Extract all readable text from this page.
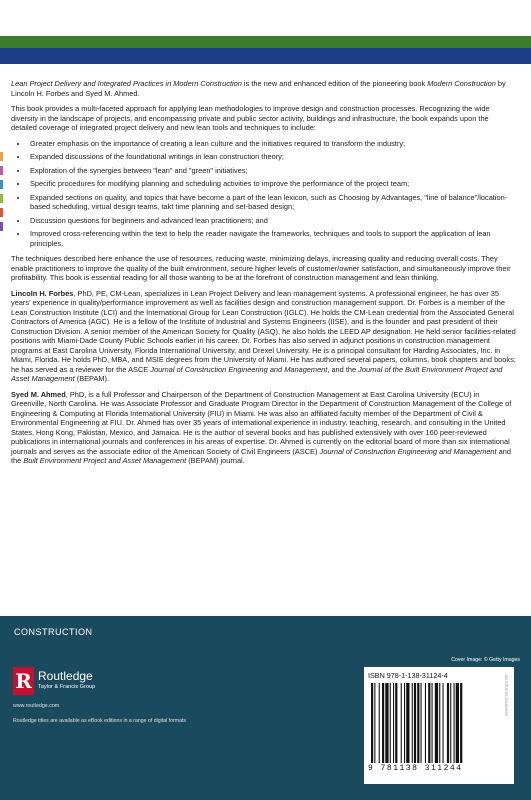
Lean Project Delivery and Integrated Practices in Modern Construction is the new and enhanced edition of the pioneering book Modern Construction by Lincoln H. Forbes and Syed M. Ahmed.

This book provides a multi-faceted approach for applying lean methodologies to improve design and construction processes. Recognizing the wide diversity in the landscape of projects, and encompassing private and public sector activity, buildings and infrastructure, the book expands upon the detailed coverage of integrated project delivery and new lean tools and techniques to include:

• Greater emphasis on the importance of creating a lean culture and the initiatives required to transform the industry;
• Expanded discussions of the foundational writings in lean construction theory;
• Exploration of the synergies between "lean" and "green" initiatives;
• Specific procedures for modifying planning and scheduling activities to improve the performance of the project team;
• Expanded sections on quality, and topics that have become a part of the lean lexicon, such as Choosing by Advantages, "line of balance"/location-based scheduling, virtual design teams, takt time planning and set-based design;
• Discussion questions for beginners and advanced lean practitioners; and
• Improved cross-referencing within the text to help the reader navigate the frameworks, techniques and tools to support the application of lean principles.

The techniques described here enhance the use of resources, reducing waste, minimizing delays, increasing quality and reducing overall costs. They enable practitioners to improve the quality of the built environment, secure higher levels of customer/owner satisfaction, and simultaneously improve their profitability. This book is essential reading for all those wanting to be at the forefront of construction management and lean thinking.

Lincoln H. Forbes, PhD, PE, CM-Lean, specializes in Lean Project Delivery and lean management systems. A professional engineer, he has over 35 years' experience in quality/performance improvement as well as facilities design and construction management support. Dr. Forbes is a member of the Lean Construction Institute (LCI) and the International Group for Lean Construction (IGLC). He holds the CM-Lean credential from the Associated General Contractors of America (AGC). He is a fellow of the Institute of Industrial and Systems Engineers (IISE), and is the founder and past president of their Construction Division. A senior member of the American Society for Quality (ASQ), he also holds the LEED AP designation. He held senior facilities-related positions with Miami-Dade County Public Schools earlier in his career. Dr. Forbes has also served in adjunct positions in construction management programs at East Carolina University, Florida International University, and Drexel University. He is a principal consultant for Harding Associates, Inc. in Miami, Florida. He holds PhD, MBA, and MSIE degrees from the University of Miami. He has authored several papers, columns, book chapters and books; he has served as a reviewer for the ASCE Journal of Construction Engineering and Management, and the Journal of the Built Environment Project and Asset Management (BEPAM).

Syed M. Ahmed, PhD, is a full Professor and Chairperson of the Department of Construction Management at East Carolina University (ECU) in Greenville, North Carolina. He was Associate Professor and Graduate Program Director in the Department of Construction Management of the College of Engineering & Computing at Florida International University (FIU) in Miami. He was also an affiliated faculty member of the Department of Civil & Environmental Engineering at FIU. Dr. Ahmed has over 35 years of international experience in industry, teaching, research, and consulting in the United States, Hong Kong, Pakistan, Mexico, and Jamaica. He is the author of several books and has published extensively with over 160 peer-reviewed publications in international journals and conferences in his areas of expertise. Dr. Ahmed is currently on the editorial board of more than six international journals and serves as the associate editor of the American Society of Civil Engineers (ASCE) Journal of Construction Engineering and Management and the Built Environment Project and Asset Management (BEPAM) journal.

CONSTRUCTION
Cover Image: © Getty Images
R Routledge
Taylor & Francis Group
www.routledge.com
Routledge titles are available as eBook editions in a range of digital formats
ISBN 978-1-138-31124-4
9 781138 311244
an informa business
